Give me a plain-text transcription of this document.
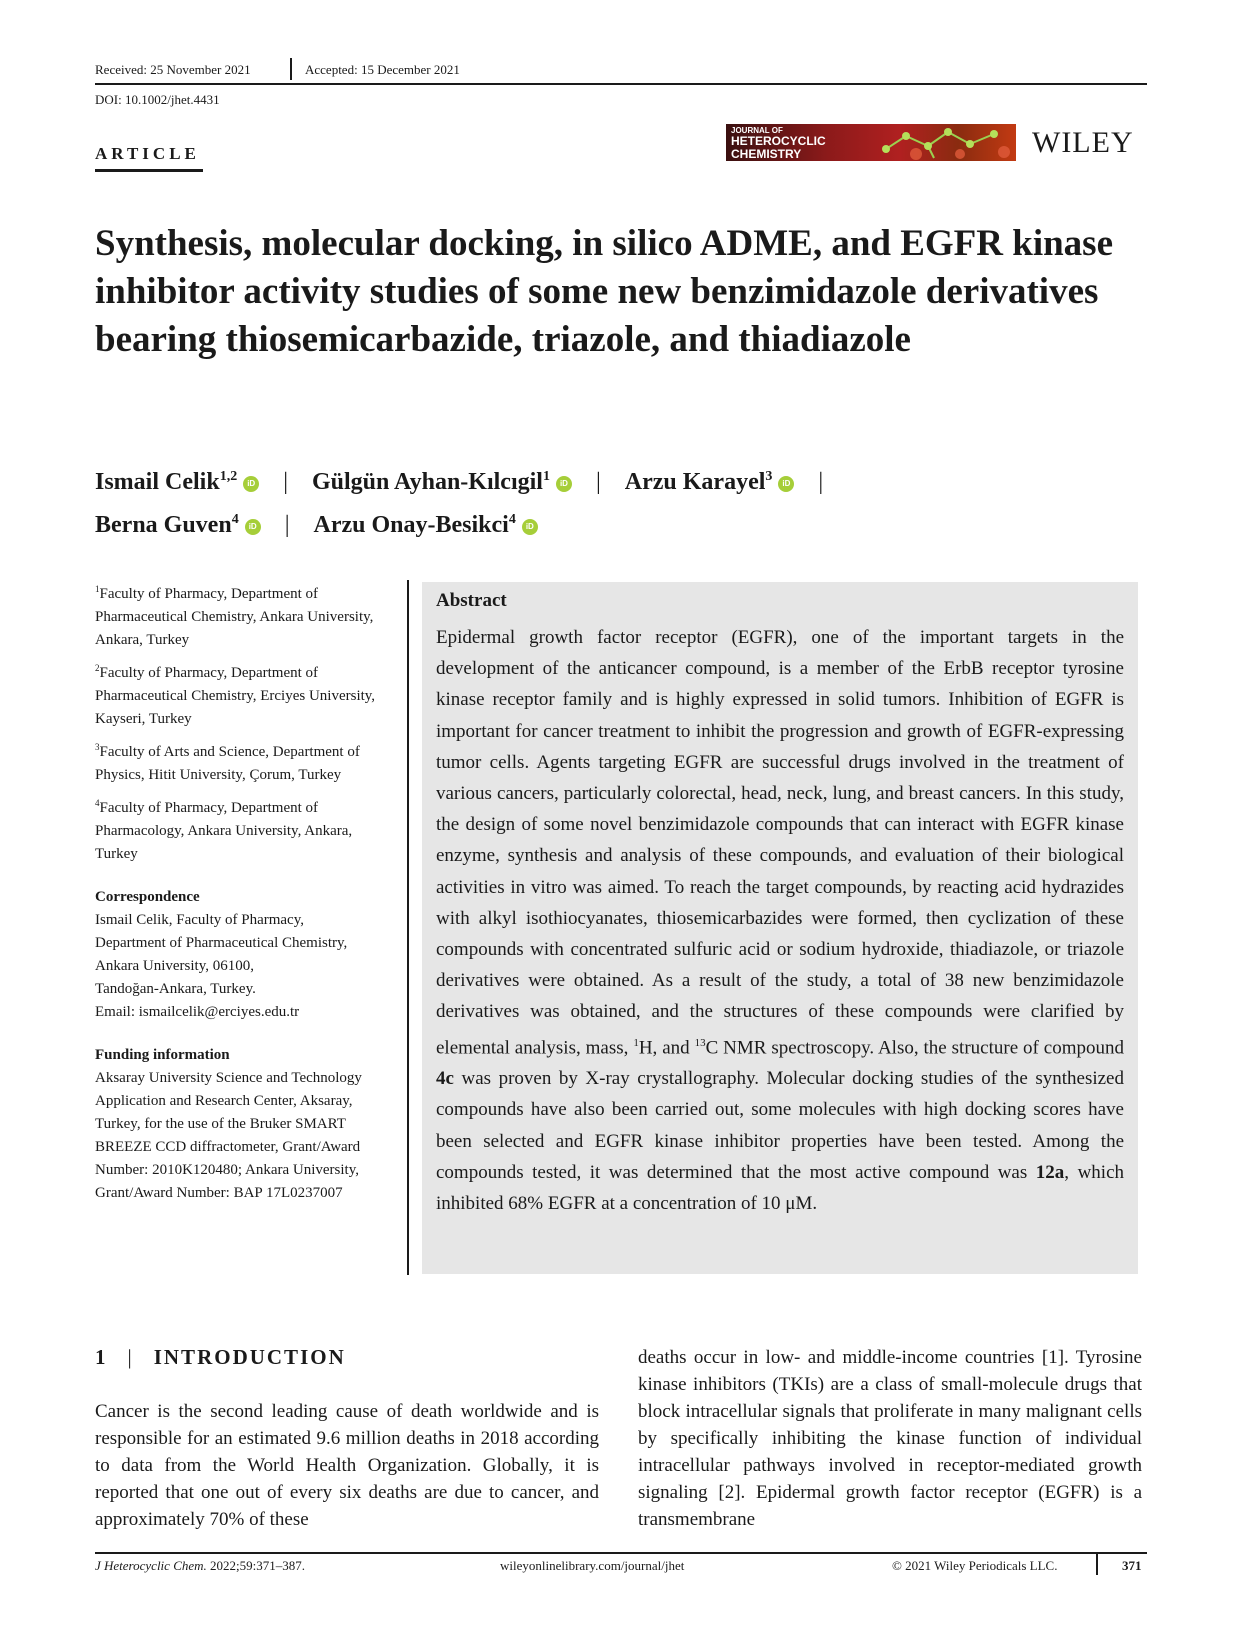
Received: 25 November 2021	Accepted: 15 December 2021
DOI: 10.1002/jhet.4431
ARTICLE
JOURNAL OF
HETEROCYCLIC
CHEMISTRY	WILEY
Synthesis, molecular docking, in silico ADME, and EGFR kinase inhibitor activity studies of some new benzimidazole derivatives bearing thiosemicarbazide, triazole, and thiadiazole
Ismail Celik$^{1,2}$ iD | Gülgün Ayhan-Kılcıgil$^1$ iD | Arzu Karayel$^3$ iD |
Berna Guven$^4$ iD | Arzu Onay-Besikci$^4$ iD
$^1$Faculty of Pharmacy, Department of Pharmaceutical Chemistry, Ankara University, Ankara, Turkey
$^2$Faculty of Pharmacy, Department of Pharmaceutical Chemistry, Erciyes University, Kayseri, Turkey
$^3$Faculty of Arts and Science, Department of Physics, Hitit University, Çorum, Turkey
$^4$Faculty of Pharmacy, Department of Pharmacology, Ankara University, Ankara, Turkey
Correspondence
Ismail Celik, Faculty of Pharmacy,
Department of Pharmaceutical Chemistry,
Ankara University, 06100,
Tandoğan-Ankara, Turkey.
Email: ismailcelik@erciyes.edu.tr
Funding information
Aksaray University Science and Technology Application and Research Center, Aksaray, Turkey, for the use of the Bruker SMART BREEZE CCD diffractometer, Grant/Award Number: 2010K120480; Ankara University, Grant/Award Number: BAP 17L0237007
Abstract
Epidermal growth factor receptor (EGFR), one of the important targets in the development of the anticancer compound, is a member of the ErbB receptor tyrosine kinase receptor family and is highly expressed in solid tumors. Inhibition of EGFR is important for cancer treatment to inhibit the progression and growth of EGFR-expressing tumor cells. Agents targeting EGFR are successful drugs involved in the treatment of various cancers, particularly colorectal, head, neck, lung, and breast cancers. In this study, the design of some novel benzimidazole compounds that can interact with EGFR kinase enzyme, synthesis and analysis of these compounds, and evaluation of their biological activities in vitro was aimed. To reach the target compounds, by reacting acid hydrazides with alkyl isothiocyanates, thiosemicarbazides were formed, then cyclization of these compounds with concentrated sulfuric acid or sodium hydroxide, thiadiazole, or triazole derivatives were obtained. As a result of the study, a total of 38 new benzimidazole derivatives was obtained, and the structures of these compounds were clarified by elemental analysis, mass, $^1$H, and $^{13}$C NMR spectroscopy. Also, the structure of compound 4c was proven by X-ray crystallography. Molecular docking studies of the synthesized compounds have also been carried out, some molecules with high docking scores have been selected and EGFR kinase inhibitor properties have been tested. Among the compounds tested, it was determined that the most active compound was 12a, which inhibited 68% EGFR at a concentration of 10 μM.
1 | INTRODUCTION
Cancer is the second leading cause of death worldwide and is responsible for an estimated 9.6 million deaths in 2018 according to data from the World Health Organization. Globally, it is reported that one out of every six deaths are due to cancer, and approximately 70% of these
deaths occur in low- and middle-income countries [1]. Tyrosine kinase inhibitors (TKIs) are a class of small-molecule drugs that block intracellular signals that proliferate in many malignant cells by specifically inhibiting the kinase function of individual intracellular pathways involved in receptor-mediated growth signaling [2]. Epidermal growth factor receptor (EGFR) is a transmembrane
J Heterocyclic Chem. 2022;59:371–387.	wileyonlinelibrary.com/journal/jhet	© 2021 Wiley Periodicals LLC.	371
